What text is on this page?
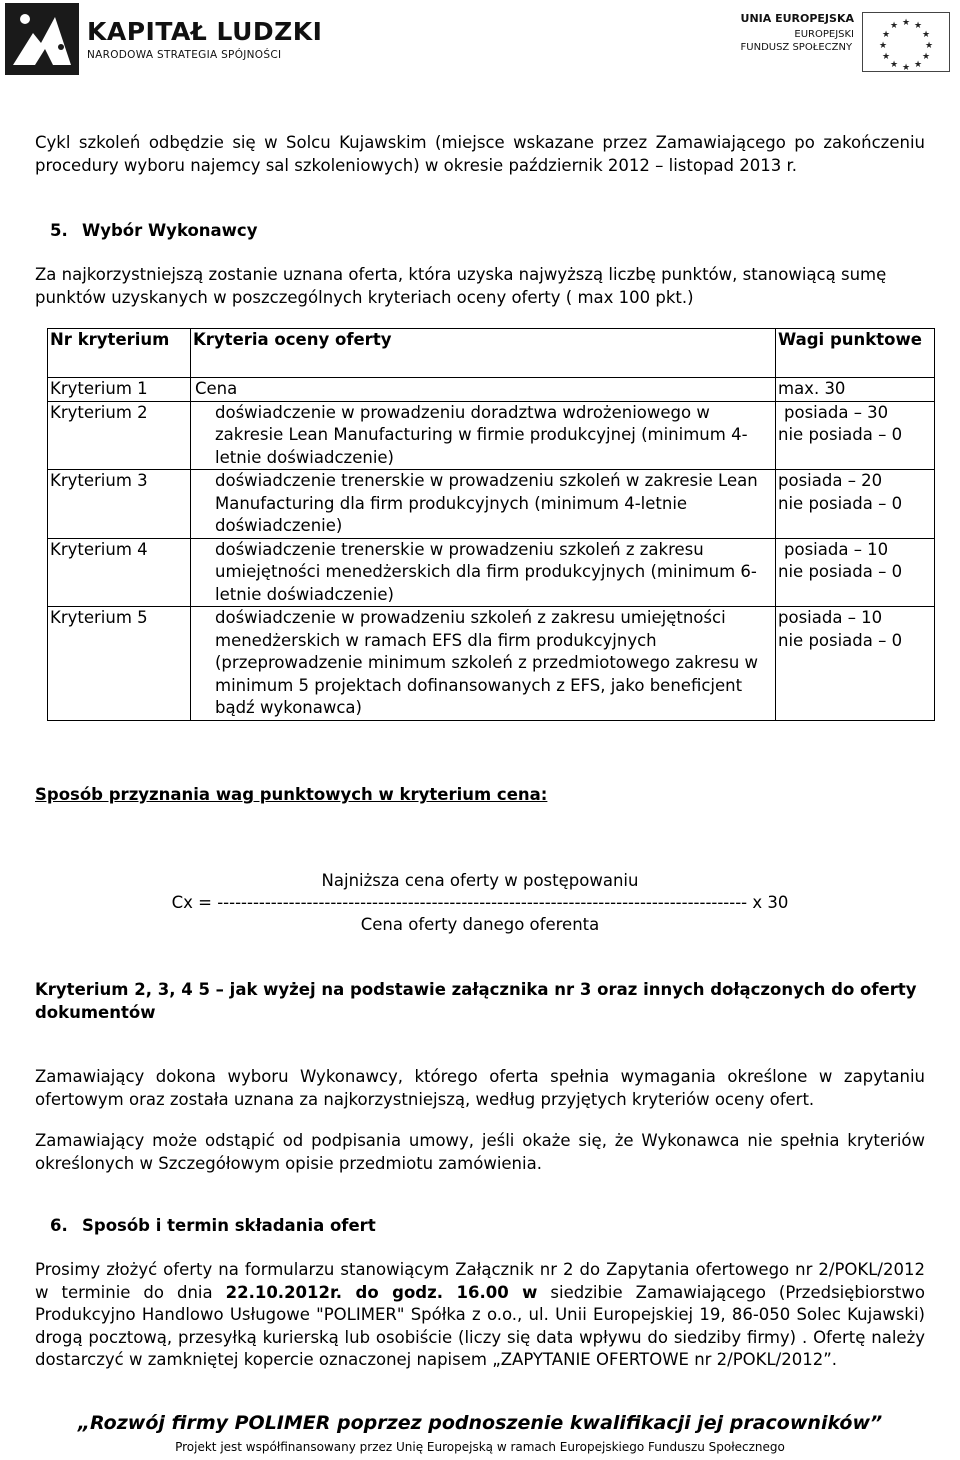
KAPITAŁ LUDZKI
NARODOWA STRATEGIA SPÓJNOŚCI
UNIA EUROPEJSKA
EUROPEJSKI
FUNDUSZ SPOŁECZNY
★ ★
★
★
★
★
★
★
★
★
★
★
Cykl szkoleń odbędzie się w Solcu Kujawskim (miejsce wskazane przez Zamawiającego po zakończeniu procedury wyboru najemcy sal szkoleniowych) w okresie październik 2012 – listopad 2013 r.
5. Wybór Wykonawcy
Za najkorzystniejszą zostanie uznana oferta, która uzyska najwyższą liczbę punktów, stanowiącą sumę punktów uzyskanych w poszczególnych kryteriach oceny oferty ( max 100 pkt.)
Nr kryterium	Kryteria oceny oferty	Wagi punktowe
Kryterium 1	Cena	max. 30

Kryterium 2	doświadczenie w prowadzeniu doradztwa wdrożeniowego w zakresie Lean Manufacturing w firmie produkcyjnej (minimum 4-letnie doświadczenie)	posiada – 30
nie posiada – 0

Kryterium 3	doświadczenie trenerskie w prowadzeniu szkoleń w zakresie Lean Manufacturing dla firm produkcyjnych (minimum 4-letnie doświadczenie)	posiada – 20
nie posiada – 0

Kryterium 4	doświadczenie trenerskie w prowadzeniu szkoleń z zakresu umiejętności menedżerskich dla firm produkcyjnych (minimum 6-letnie doświadczenie)	posiada – 10
nie posiada – 0

Kryterium 5	doświadczenie w prowadzeniu szkoleń z zakresu umiejętności menedżerskich w ramach EFS dla firm produkcyjnych (przeprowadzenie minimum szkoleń z przedmiotowego zakresu w minimum 5 projektach dofinansowanych z EFS, jako beneficjent bądź wykonawca)	posiada – 10
nie posiada – 0
Sposób przyznania wag punktowych w kryterium cena:
Najniższa cena oferty w postępowaniu
Cx = ----------------------------------------------------------------------------------------- x 30
Cena oferty danego oferenta
Kryterium 2, 3, 4 5 – jak wyżej na podstawie załącznika nr 3 oraz innych dołączonych do oferty dokumentów
Zamawiający dokona wyboru Wykonawcy, którego oferta spełnia wymagania określone w zapytaniu ofertowym oraz została uznana za najkorzystniejszą, według przyjętych kryteriów oceny ofert.
Zamawiający może odstąpić od podpisania umowy, jeśli okaże się, że Wykonawca nie spełnia kryteriów określonych w Szczegółowym opisie przedmiotu zamówienia.
6. Sposób i termin składania ofert
Prosimy złożyć oferty na formularzu stanowiącym Załącznik nr 2 do Zapytania ofertowego nr 2/POKL/2012 w terminie do dnia 22.10.2012r. do godz. 16.00 w siedzibie Zamawiającego (Przedsiębiorstwo Produkcyjno Handlowo Usługowe "POLIMER" Spółka z o.o., ul. Unii Europejskiej 19, 86-050 Solec Kujawski) drogą pocztową, przesyłką kurierską lub osobiście (liczy się data wpływu do siedziby firmy) . Ofertę należy dostarczyć w zamkniętej kopercie oznaczonej napisem „ZAPYTANIE OFERTOWE nr 2/POKL/2012”.
„Rozwój firmy POLIMER poprzez podnoszenie kwalifikacji jej pracowników”
Projekt jest współfinansowany przez Unię Europejską w ramach Europejskiego Funduszu Społecznego
